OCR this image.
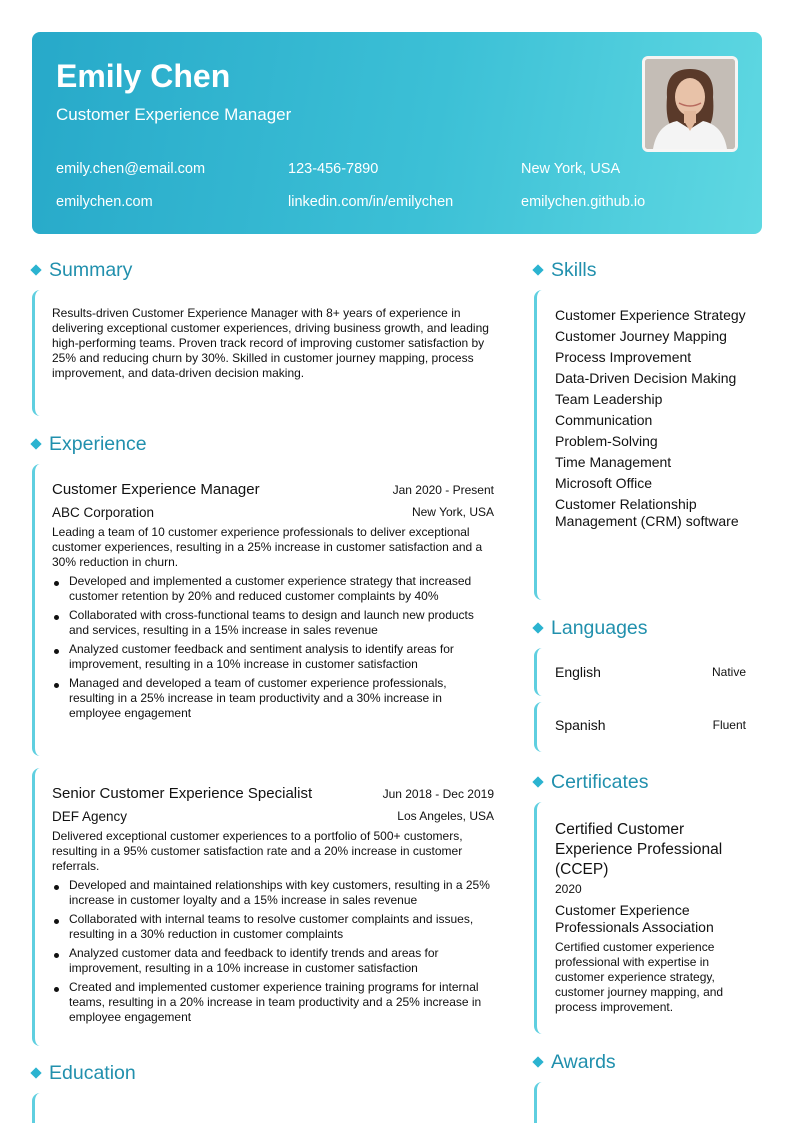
Emily Chen
Customer Experience Manager
emily.chen@email.com	123-456-7890	New York, USA
emilychen.com	linkedin.com/in/emilychen	emilychen.github.io
Summary
Results-driven Customer Experience Manager with 8+ years of experience in delivering exceptional customer experiences, driving business growth, and leading high-performing teams. Proven track record of improving customer satisfaction by 25% and reducing churn by 30%. Skilled in customer journey mapping, process improvement, and data-driven decision making.
Experience
Customer Experience Manager	Jan 2020 - Present
ABC Corporation	New York, USA
Leading a team of 10 customer experience professionals to deliver exceptional customer experiences, resulting in a 25% increase in customer satisfaction and a 30% reduction in churn.
Developed and implemented a customer experience strategy that increased customer retention by 20% and reduced customer complaints by 40%
Collaborated with cross-functional teams to design and launch new products and services, resulting in a 15% increase in sales revenue
Analyzed customer feedback and sentiment analysis to identify areas for improvement, resulting in a 10% increase in customer satisfaction
Managed and developed a team of customer experience professionals, resulting in a 25% increase in team productivity and a 30% increase in employee engagement
Senior Customer Experience Specialist	Jun 2018 - Dec 2019
DEF Agency	Los Angeles, USA
Delivered exceptional customer experiences to a portfolio of 500+ customers, resulting in a 95% customer satisfaction rate and a 20% increase in customer referrals.
Developed and maintained relationships with key customers, resulting in a 25% increase in customer loyalty and a 15% increase in sales revenue
Collaborated with internal teams to resolve customer complaints and issues, resulting in a 30% reduction in customer complaints
Analyzed customer data and feedback to identify trends and areas for improvement, resulting in a 10% increase in customer satisfaction
Created and implemented customer experience training programs for internal teams, resulting in a 20% increase in team productivity and a 25% increase in employee engagement
Education
Skills
Customer Experience Strategy
Customer Journey Mapping
Process Improvement
Data-Driven Decision Making
Team Leadership
Communication
Problem-Solving
Time Management
Microsoft Office
Customer Relationship Management (CRM) software
Languages
English	Native
Spanish	Fluent
Certificates
Certified Customer Experience Professional (CCEP)
2020
Customer Experience Professionals Association
Certified customer experience professional with expertise in customer experience strategy, customer journey mapping, and process improvement.
Awards
